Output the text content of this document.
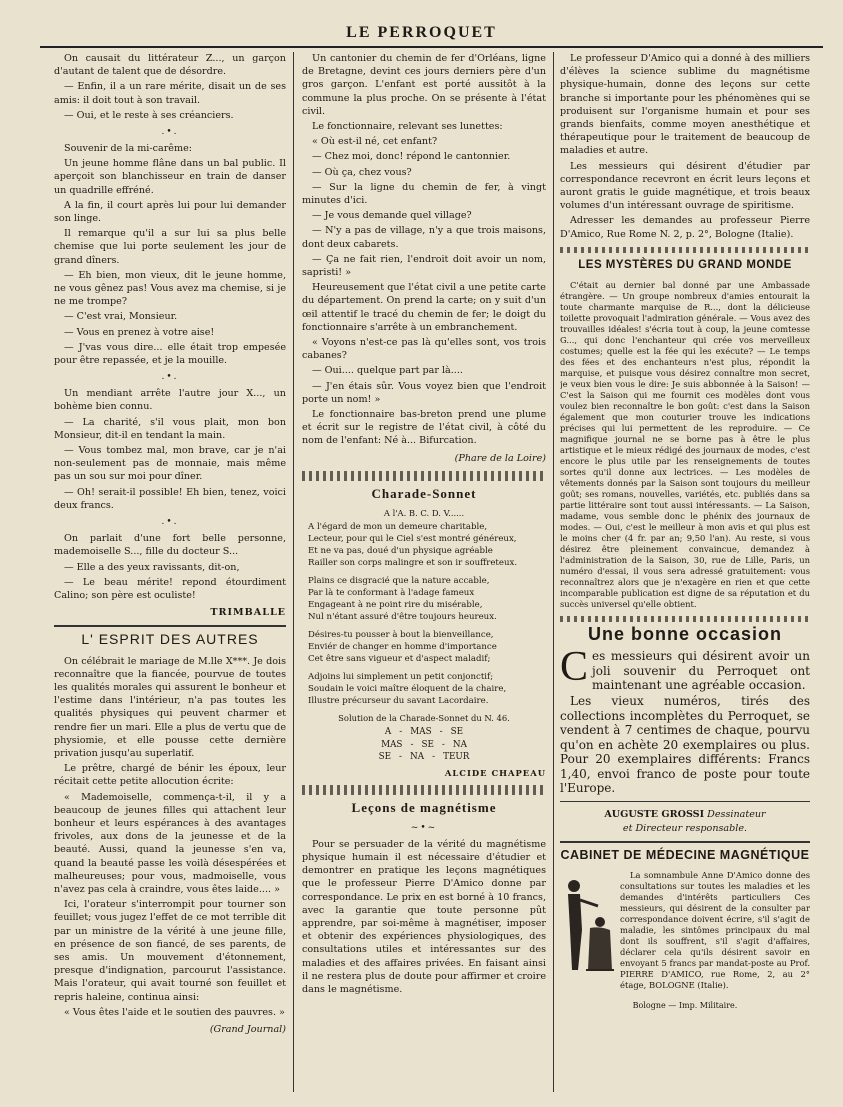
LE PERROQUET

On causait du littérateur Z..., un garçon d'autant de talent que de désordre.

— Enfin, il a un rare mérite, disait un de ses amis: il doit tout à son travail.

— Oui, et le reste à ses créanciers.

.•.

Souvenir de la mi-carême:

Un jeune homme flâne dans un bal public. Il aperçoit son blanchisseur en train de danser un quadrille effréné.

A la fin, il court après lui pour lui demander son linge.

Il remarque qu'il a sur lui sa plus belle chemise que lui porte seulement les jour de grand dîners.

— Eh bien, mon vieux, dit le jeune homme, ne vous gênez pas! Vous avez ma chemise, si je ne me trompe?

— C'est vrai, Monsieur.

— Vous en prenez à votre aise!

— J'vas vous dire... elle était trop empesée pour être repassée, et je la mouille.

.•.

Un mendiant arrête l'autre jour X..., un bohème bien connu.

— La charité, s'il vous plait, mon bon Monsieur, dit-il en tendant la main.

— Vous tombez mal, mon brave, car je n'ai non-seulement pas de monnaie, mais même pas un sou sur moi pour dîner.

— Oh! serait-il possible! Eh bien, tenez, voici deux francs.

.•.

On parlait d'une fort belle personne, mademoiselle S..., fille du docteur S...

— Elle a des yeux ravissants, dit-on,

— Le beau mérite! repond étourdiment Calino; son père est oculiste!

TRIMBALLE
L' ESPRIT DES AUTRES

On célébrait le mariage de M.lle X***. Je dois reconnaître que la fiancée, pourvue de toutes les qualités morales qui assurent le bonheur et l'estime dans l'intérieur, n'a pas toutes les qualités physiques qui peuvent charmer et rendre fier un mari. Elle a plus de vertu que de physiomie, et elle pousse cette dernière privation jusqu'au superlatif.

Le prêtre, chargé de bénir les époux, leur récitait cette petite allocution écrite:

« Mademoiselle, commença-t-il, il y a beaucoup de jeunes filles qui attachent leur bonheur et leurs espérances à des avantages frivoles, aux dons de la jeunesse et de la beauté. Aussi, quand la jeunesse s'en va, quand la beauté passe les voilà désespérées et malheureuses; pour vous, madmoiselle, vous n'avez pas cela à craindre, vous êtes laide.... »

Ici, l'orateur s'interrompit pour tourner son feuillet; vous jugez l'effet de ce mot terrible dit par un ministre de la vérité à une jeune fille, en présence de son fiancé, de ses parents, de ses amis. Un mouvement d'étonnement, presque d'indignation, parcourut l'assistance. Mais l'orateur, qui avait tourné son feuillet et repris haleine, continua ainsi:

« Vous êtes l'aide et le soutien des pauvres. »

(Grand Journal)

Un cantonier du chemin de fer d'Orléans, ligne de Bretagne, devint ces jours derniers père d'un gros garçon. L'enfant est porté aussitôt à la commune la plus proche. On se présente à l'état civil.

Le fonctionnaire, relevant ses lunettes:

« Où est-il né, cet enfant?

— Chez moi, donc! répond le cantonnier.

— Où ça, chez vous?

— Sur la ligne du chemin de fer, à vingt minutes d'ici.

— Je vous demande quel village?

— N'y a pas de village, n'y a que trois maisons, dont deux cabarets.

— Ça ne fait rien, l'endroit doit avoir un nom, sapristi! »

Heureusement que l'état civil a une petite carte du département. On prend la carte; on y suit d'un œil attentif le tracé du chemin de fer; le doigt du fonctionnaire s'arrête à un embranchement.

« Voyons n'est-ce pas là qu'elles sont, vos trois cabanes?

— Oui.... quelque part par là....

— J'en étais sûr. Vous voyez bien que l'endroit porte un nom! »

Le fonctionnaire bas-breton prend une plume et écrit sur le registre de l'état civil, à côté du nom de l'enfant: Né à... Bifurcation.

(Phare de la Loire)
Charade-Sonnet

A l'A. B. C. D. V......

A l'égard de mon un demeure charitable,
Lecteur, pour qui le Ciel s'est montré généreux,
Et ne va pas, doué d'un physique agréable
Railler son corps malingre et son ir souffreteux.
Plains ce disgracié que la nature accable,
Par là te conformant à l'adage fameux
Engageant à ne point rire du misérable,
Nul n'étant assuré d'être toujours heureux.
Désires-tu pousser à bout la bienveillance,
Enviér de changer en homme d'importance
Cet être sans vigueur et d'aspect maladif;
Adjoins lui simplement un petit conjonctif;
Soudain le voici maître éloquent de la chaire,
Illustre précurseur du savant Lacordaire.

Solution de la Charade-Sonnet du N. 46.

A - MAS - SE
MAS - SE - NA
SE - NA - TEUR
ALCIDE CHAPEAU
Leçons de magnétisme
~•~

Pour se persuader de la vérité du magnétisme physique humain il est nécessaire d'étudier et demontrer en pratique les leçons magnétiques que le professeur Pierre D'Amico donne par correspondance. Le prix en est borné à 10 francs, avec la garantie que toute personne pût apprendre, par soi-même à magnétiser, imposer et obtenir des expériences physiologiques, des consultations utiles et intéressantes sur des maladies et des affaires privées. En faisant ainsi il ne restera plus de doute pour affirmer et croire dans le magnétisme.

Le professeur D'Amico qui a donné à des milliers d'élèves la science sublime du magnétisme physique-humain, donne des leçons sur cette branche si importante pour les phénomènes qui se produisent sur l'organisme humain et pour ses grands bienfaits, comme moyen anesthétique et thérapeutique pour le traitement de beaucoup de maladies et autre.

Les messieurs qui désirent d'étudier par correspondance recevront en écrit leurs leçons et auront gratis le guide magnétique, et trois beaux volumes d'un intéressant ouvrage de spiritisme.

Adresser les demandes au professeur Pierre D'Amico, Rue Rome N. 2, p. 2°, Bologne (Italie).

LES MYSTÈRES DU GRAND MONDE

C'était au dernier bal donné par une Ambassade étrangère. — Un groupe nombreux d'amies entourait la toute charmante marquise de R..., dont la délicieuse toilette provoquait l'admiration générale. — Vous avez des trouvailles idéales! s'écria tout à coup, la jeune comtesse G..., qui donc l'enchanteur qui crée vos merveilleux costumes; quelle est la fée qui les exécute? — Le temps des fées et des enchanteurs n'est plus, répondit la marquise, et puisque vous désirez connaître mon secret, je veux bien vous le dire: Je suis abbonnée à la Saison! — C'est la Saison qui me fournit ces modèles dont vous voulez bien reconnaître le bon goût: c'est dans la Saison également que mon couturier trouve les indications précises qui lui permettent de les reproduire. — Ce magnifique journal ne se borne pas à être le plus artistique et le mieux rédigé des journaux de modes, c'est encore le plus utile par les renseignements de toutes sortes qu'il donne aux lectrices. — Les modèles de vêtements donnés par la Saison sont toujours du meilleur goût; ses romans, nouvelles, variétés, etc. publiés dans sa partie littéraire sont tout aussi intéressants. — La Saison, madame, vous semble donc le phénix des journaux de modes. — Oui, c'est le meilleur à mon avis et qui plus est le moins cher (4 fr. par an; 9,50 l'an). Au reste, si vous désirez être pleinement convaincue, demandez à l'administration de la Saison, 30, rue de Lille, Paris, un numéro d'essai, il vous sera adressé gratuitement: vous reconnaîtrez alors que je n'exagère en rien et que cette incomparable publication est digne de sa réputation et du succès universel qu'elle obtient.

Une bonne occasion
C es messieurs qui désirent avoir un joli souvenir du Perroquet ont maintenant une agréable occasion.

Les vieux numéros, tirés des collections incomplètes du Perroquet, se vendent à 7 centimes de chaque, pourvu qu'on en achète 20 exemplaires ou plus. Pour 20 exemplaires différents: Francs 1,40, envoi franco de poste pour toute l'Europe.

AUGUSTE GROSSI Dessinateur
et Directeur responsable.
CABINET DE MÉDECINE MAGNÉTIQUE

La somnambule Anne D'Amico donne des consultations sur toutes les maladies et les demandes d'intérêts particuliers Ces messieurs, qui désirent de la consulter par correspondance doivent écrire, s'il s'agit de maladie, les sintômes principaux du mal dont ils souffrent, s'il s'agit d'affaires, déclarer cela qu'ils désirent savoir en envoyant 5 francs par mandat-poste au Prof. PIERRE D'AMICO, rue Rome, 2, au 2° étage, BOLOGNE (Italie).

Bologne — Imp. Militaire.
